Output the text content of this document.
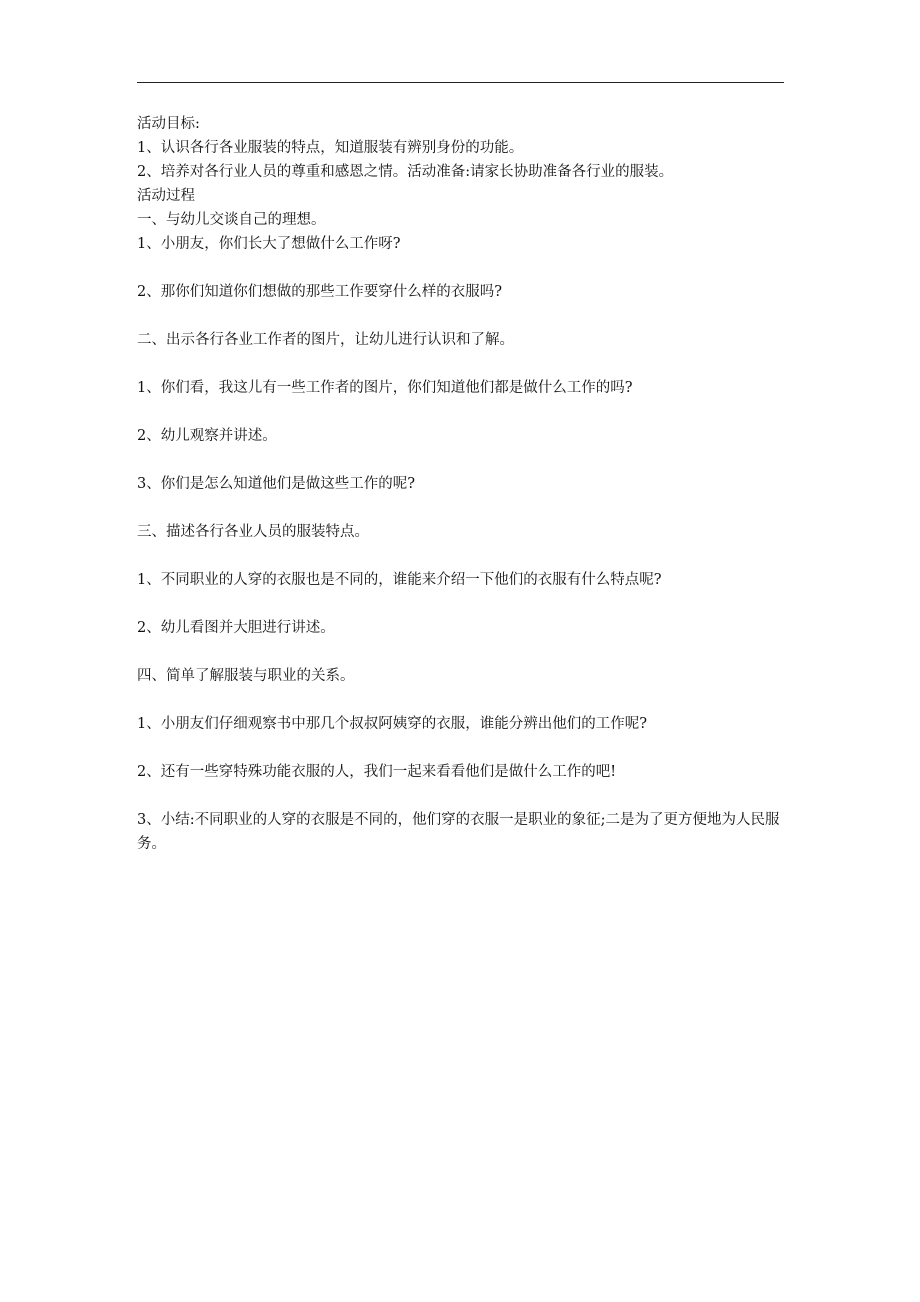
活动目标:

1、认识各行各业服装的特点，知道服装有辨别身份的功能。

2、培养对各行业人员的尊重和感恩之情。活动准备:请家长协助准备各行业的服装。

活动过程

一、与幼儿交谈自己的理想。

1、小朋友，你们长大了想做什么工作呀?

2、那你们知道你们想做的那些工作要穿什么样的衣服吗?

二、出示各行各业工作者的图片，让幼儿进行认识和了解。

1、你们看，我这儿有一些工作者的图片，你们知道他们都是做什么工作的吗?

2、幼儿观察并讲述。

3、你们是怎么知道他们是做这些工作的呢?

三、描述各行各业人员的服装特点。

1、不同职业的人穿的衣服也是不同的，谁能来介绍一下他们的衣服有什么特点呢?

2、幼儿看图并大胆进行讲述。

四、简单了解服装与职业的关系。

1、小朋友们仔细观察书中那几个叔叔阿姨穿的衣服，谁能分辨出他们的工作呢?

2、还有一些穿特殊功能衣服的人，我们一起来看看他们是做什么工作的吧!

3、小结:不同职业的人穿的衣服是不同的，他们穿的衣服一是职业的象征;二是为了更方便地为人民服务。
